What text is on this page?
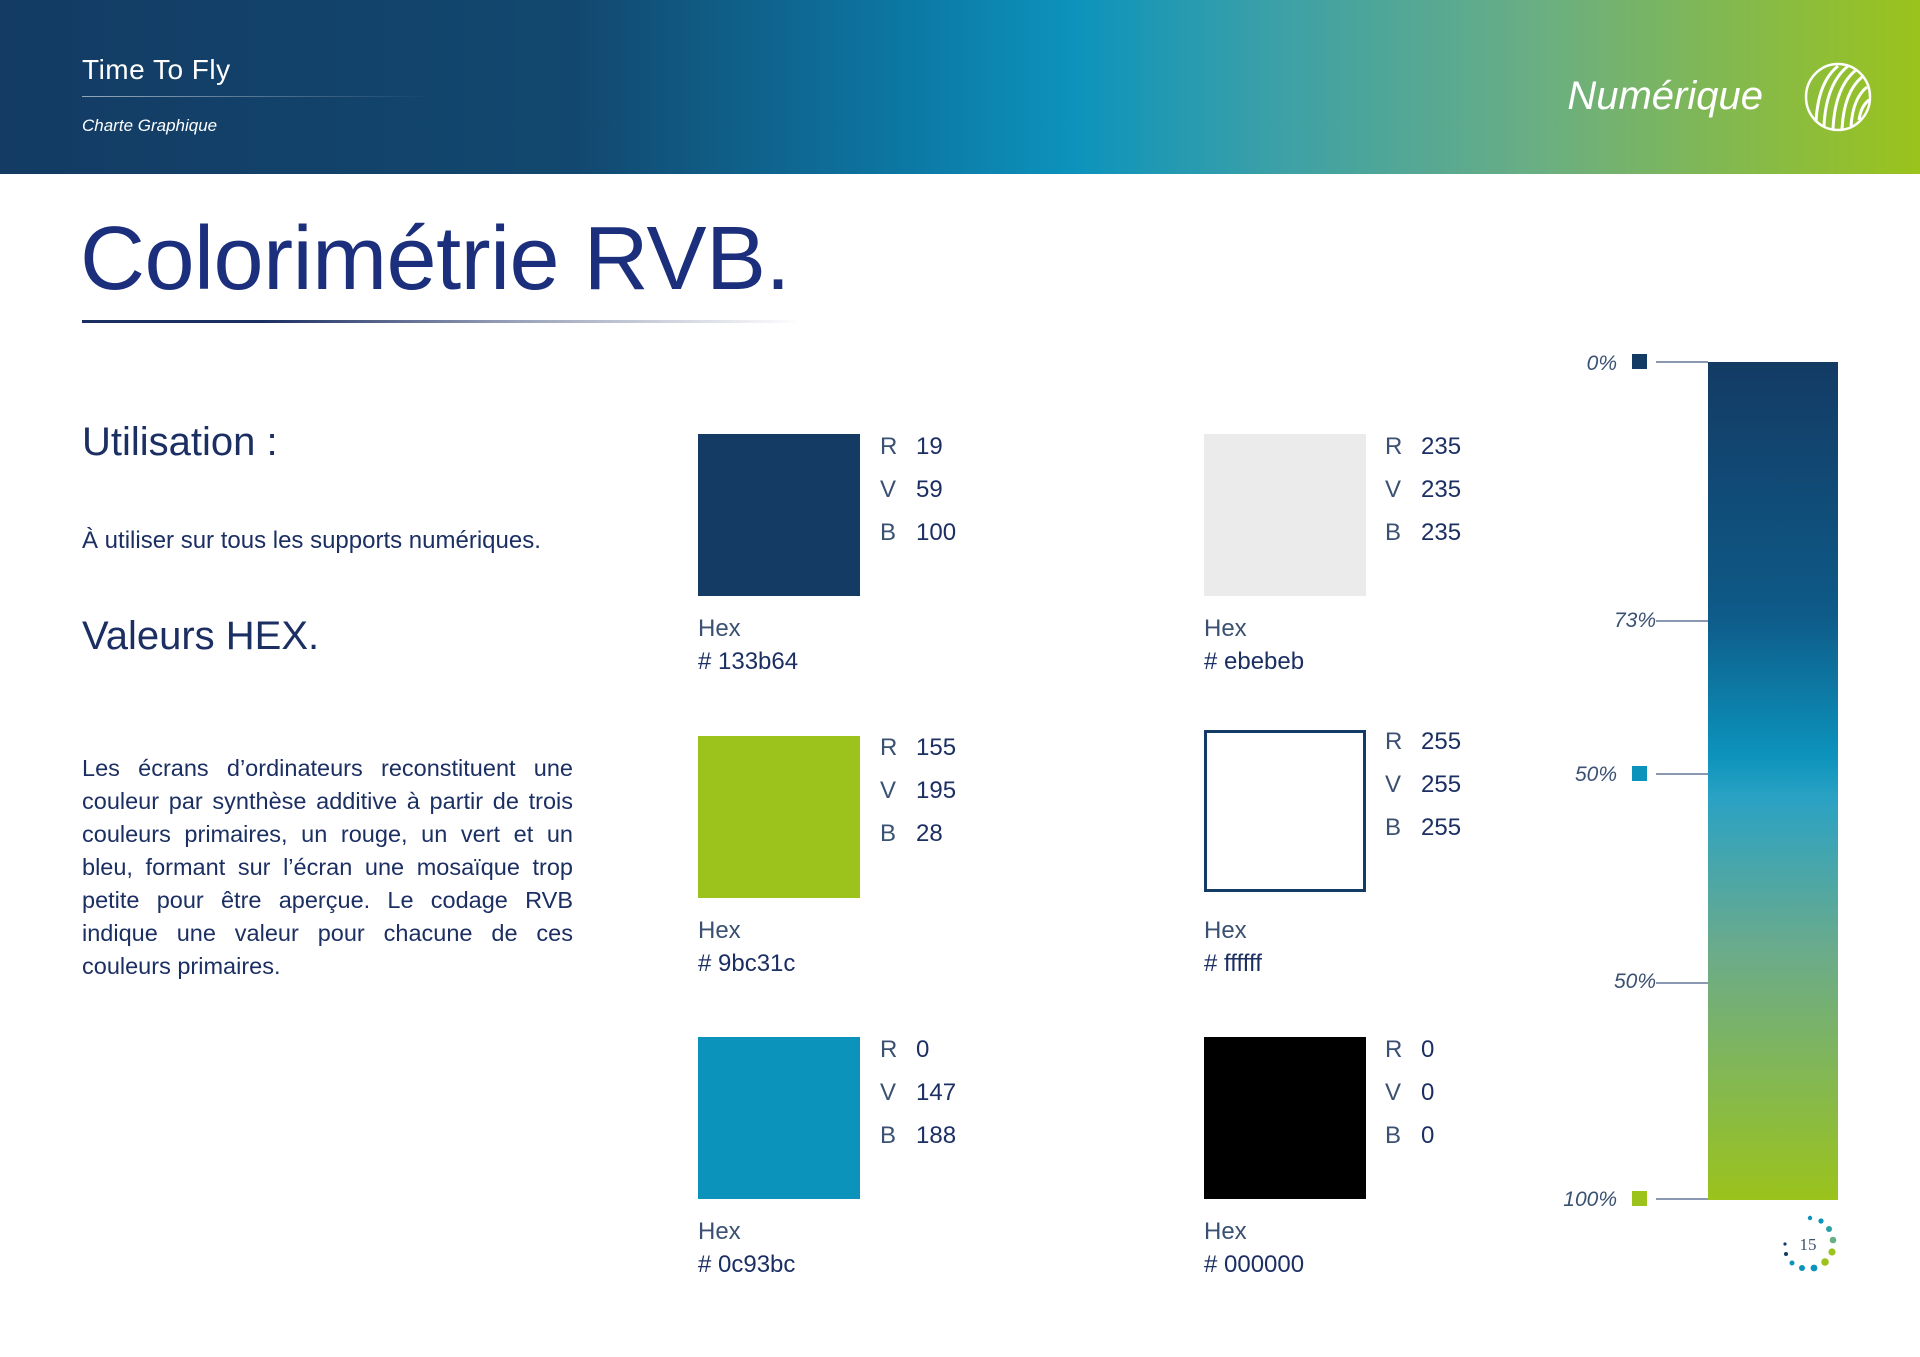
Time To Fly
Charte Graphique
Numérique
Colorimétrie RVB.
Utilisation :
À utiliser sur tous les supports numériques.
Valeurs HEX.
Les écrans d’ordinateurs reconstituent une couleur par synthèse additive à partir de trois couleurs primaires, un rouge, un vert et un bleu, formant sur l’écran une mosaïque trop petite pour être aperçue. Le codage RVB indique une valeur pour chacune de ces couleurs primaires.
R 19
V 59
B 100
Hex
# 133b64
R 235
V 235
B 235
Hex
# ebebeb
R 155
V 195
B 28
Hex
# 9bc31c
R 255
V 255
B 255
Hex
# ffffff
R 0
V 147
B 188
Hex
# 0c93bc
R 0
V 0
B 0
Hex
# 000000
0%
73%
50%
50%
100%
15
